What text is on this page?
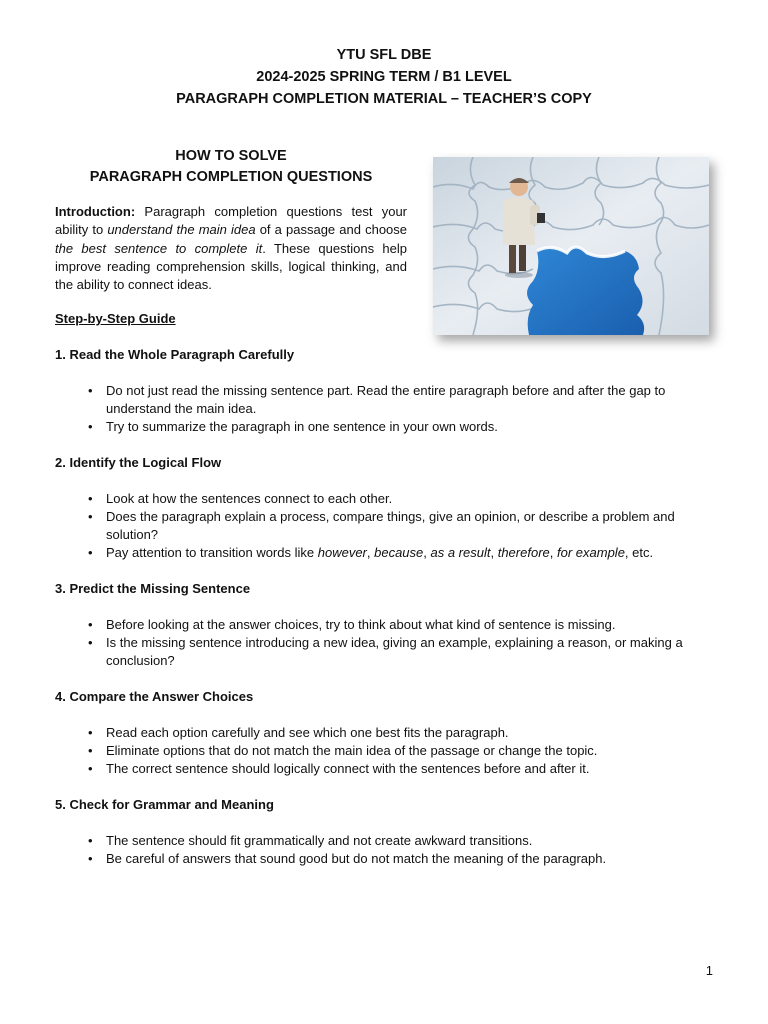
YTU SFL DBE
2024-2025 SPRING TERM / B1 LEVEL
PARAGRAPH COMPLETION MATERIAL – TEACHER’S COPY
HOW TO SOLVE
PARAGRAPH COMPLETION QUESTIONS
Introduction: Paragraph completion questions test your ability to understand the main idea of a passage and choose the best sentence to complete it. These questions help improve reading comprehension skills, logical thinking, and the ability to connect ideas.
Step-by-Step Guide
1. Read the Whole Paragraph Carefully
• Do not just read the missing sentence part. Read the entire paragraph before and after the gap to understand the main idea.
• Try to summarize the paragraph in one sentence in your own words.
2. Identify the Logical Flow
• Look at how the sentences connect to each other.
• Does the paragraph explain a process, compare things, give an opinion, or describe a problem and solution?
• Pay attention to transition words like however, because, as a result, therefore, for example, etc.
3. Predict the Missing Sentence
• Before looking at the answer choices, try to think about what kind of sentence is missing.
• Is the missing sentence introducing a new idea, giving an example, explaining a reason, or making a conclusion?
4. Compare the Answer Choices
• Read each option carefully and see which one best fits the paragraph.
• Eliminate options that do not match the main idea of the passage or change the topic.
• The correct sentence should logically connect with the sentences before and after it.
5. Check for Grammar and Meaning
• The sentence should fit grammatically and not create awkward transitions.
• Be careful of answers that sound good but do not match the meaning of the paragraph.
1
